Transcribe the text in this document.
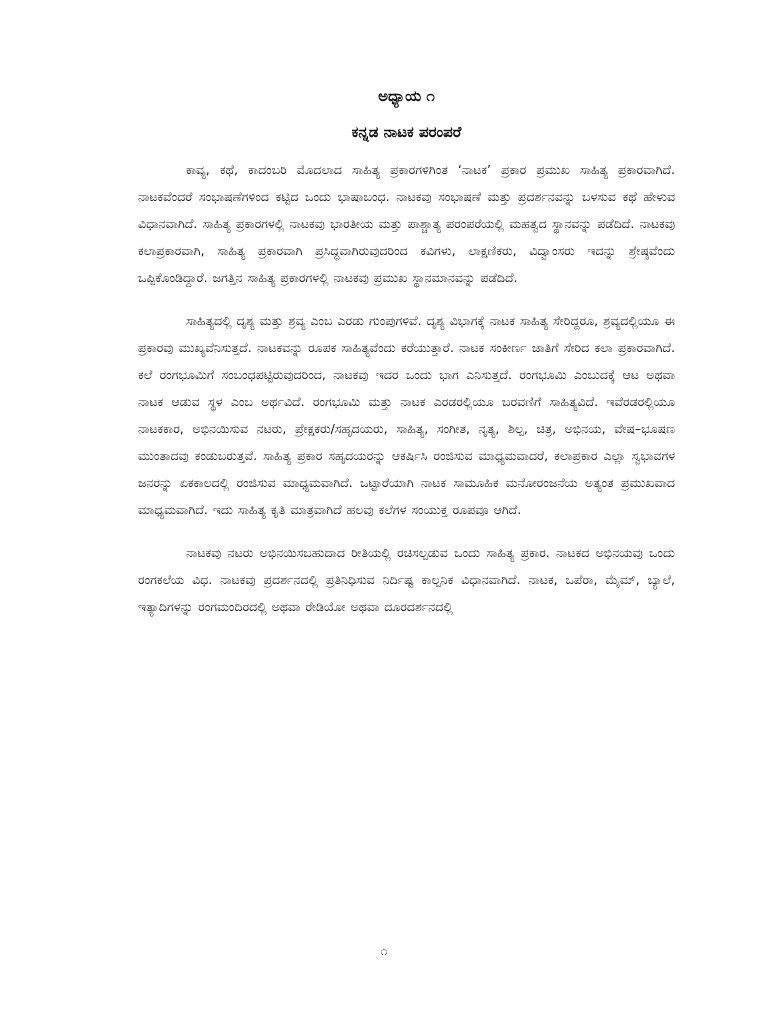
ಅಧ್ಯಾಯ ೧
ಕನ್ನಡ ನಾಟಕ ಪರಂಪರೆ

ಕಾವ್ಯ, ಕಥೆ, ಕಾದಂಬರಿ ಮೊದಲಾದ ಸಾಹಿತ್ಯ ಪ್ರಕಾರಗಳಿಗಿಂತ ‘ನಾಟಕ’ ಪ್ರಕಾರ ಪ್ರಮುಖ ಸಾಹಿತ್ಯ ಪ್ರಕಾರವಾಗಿದೆ. ನಾಟಕವೆಂದರೆ ಸಂಭಾಷಣೆಗಳಿಂದ ಕಟ್ಟಿದ ಒಂದು ಭಾಷಾಬಂಧ. ನಾಟಕವು ಸಂಭಾಷಣೆ ಮತ್ತು ಪ್ರದರ್ಶನವನ್ನು ಬಳಸುವ ಕಥೆ ಹೇಳುವ ವಿಧಾನವಾಗಿದೆ. ಸಾಹಿತ್ಯ ಪ್ರಕಾರಗಳಲ್ಲಿ ನಾಟಕವು ಭಾರತೀಯ ಮತ್ತು ಪಾಶ್ಚಾತ್ಯ ಪರಂಪರೆಯಲ್ಲಿ ಮಹತ್ವದ ಸ್ಥಾನವನ್ನು ಪಡೆದಿದೆ. ನಾಟಕವು ಕಲಾಪ್ರಕಾರವಾಗಿ, ಸಾಹಿತ್ಯ ಪ್ರಕಾರವಾಗಿ ಪ್ರಸಿದ್ಧವಾಗಿರುವುದರಿಂದ ಕವಿಗಳು, ಲಾಕ್ಷಣಿಕರು, ವಿದ್ವಾಂಸರು ಇದನ್ನು ಶ್ರೇಷ್ಠವೆಂದು ಒಪ್ಪಿಕೊಂಡಿದ್ದಾರೆ. ಜಗತ್ತಿನ ಸಾಹಿತ್ಯ ಪ್ರಕಾರಗಳಲ್ಲಿ ನಾಟಕವು ಪ್ರಮುಖ ಸ್ಥಾನಮಾನವನ್ನು ಪಡೆದಿದೆ.

ಸಾಹಿತ್ಯದಲ್ಲಿ ದೃಶ್ಯ ಮತ್ತು ಶ್ರವ್ಯ ಎಂಬ ಎರಡು ಗುಂಪುಗಳಿವೆ. ದೃಶ್ಯ ವಿಭಾಗಕ್ಕೆ ನಾಟಕ ಸಾಹಿತ್ಯ ಸೇರಿದ್ದರೂ, ಶ್ರವ್ಯದಲ್ಲಿಯೂ ಈ ಪ್ರಕಾರವು ಮುಖ್ಯವೆನಿಸುತ್ತದೆ. ನಾಟಕವನ್ನು ರೂಪಕ ಸಾಹಿತ್ಯವೆಂದು ಕರೆಯುತ್ತಾರೆ. ನಾಟಕ ಸಂಕೀರ್ಣ ಜಾತಿಗೆ ಸೇರಿದ ಕಲಾ ಪ್ರಕಾರವಾಗಿದೆ. ಕಲೆ ರಂಗಭೂಮಿಗೆ ಸಂಬಂಧಪಟ್ಟಿರುವುದರಿಂದ, ನಾಟಕವು ಇದರ ಒಂದು ಭಾಗ ಎನಿಸುತ್ತದೆ. ರಂಗಭೂಮಿ ಎಂಬುದಕ್ಕೆ ಆಟ ಅಥವಾ ನಾಟಕ ಆಡುವ ಸ್ಥಳ ಎಂಬ ಅರ್ಥವಿದೆ. ರಂಗಭೂಮಿ ಮತ್ತು ನಾಟಕ ಎರಡರಲ್ಲಿಯೂ ಬರವಣಿಗೆ ಸಾಹಿತ್ಯವಿದೆ. ಇವೆರಡರಲ್ಲಿಯೂ ನಾಟಕಕಾರ, ಅಭಿನಯಿಸುವ ನಟರು, ಪ್ರೇಕ್ಷಕರು/ಸಹೃದಯರು, ಸಾಹಿತ್ಯ, ಸಂಗೀತ, ನೃತ್ಯ, ಶಿಲ್ಪ, ಚಿತ್ರ, ಅಭಿನಯ, ವೇಷ–ಭೂಷಣ ಮುಂತಾದವು ಕಂಡುಬರುತ್ತವೆ. ಸಾಹಿತ್ಯ ಪ್ರಕಾರ ಸಹೃದಯರನ್ನು ಆಕರ್ಷಿಸಿ ರಂಜಿಸುವ ಮಾಧ್ಯಮವಾದರೆ, ಕಲಾಪ್ರಕಾರ ಎಲ್ಲಾ ಸ್ವಭಾವಗಳ ಜನರನ್ನು ಏಕಕಾಲದಲ್ಲಿ ರಂಜಿಸುವ ಮಾಧ್ಯಮವಾಗಿದೆ. ಒಟ್ಟಾರೆಯಾಗಿ ನಾಟಕ ಸಾಮೂಹಿಕ ಮನೋರಂಜನೆಯ ಅತ್ಯಂತ ಪ್ರಮುಖವಾದ ಮಾಧ್ಯಮವಾಗಿದೆ. ಇದು ಸಾಹಿತ್ಯ ಕೃತಿ ಮಾತ್ರವಾಗಿದೆ ಹಲವು ಕಲೆಗಳ ಸಂಯುಕ್ತ ರೂಪವೂ ಆಗಿದೆ.

ನಾಟಕವು ನಟರು ಅಭಿನಯಿಸಬಹುದಾದ ರೀತಿಯಲ್ಲಿ ರಚಿಸಲ್ಪಡುವ ಒಂದು ಸಾಹಿತ್ಯ ಪ್ರಕಾರ. ನಾಟಕದ ಅಭಿನಯವು ಒಂದು ರಂಗಕಲೆಯ ವಿಧ. ನಾಟಕವು ಪ್ರದರ್ಶನದಲ್ಲಿ ಪ್ರತಿನಿಧಿಸುವ ನಿರ್ದಿಷ್ಟ ಕಾಲ್ಪನಿಕ ವಿಧಾನವಾಗಿದೆ. ನಾಟಕ, ಒಪೆರಾ, ಮೈಮ್, ಬ್ಯಾಲೆ, ಇತ್ಯಾದಿಗಳನ್ನು ರಂಗಮಂದಿರದಲ್ಲಿ ಅಥವಾ ರೇಡಿಯೋ ಅಥವಾ ದೂರದರ್ಶನದಲ್ಲಿ

೧
